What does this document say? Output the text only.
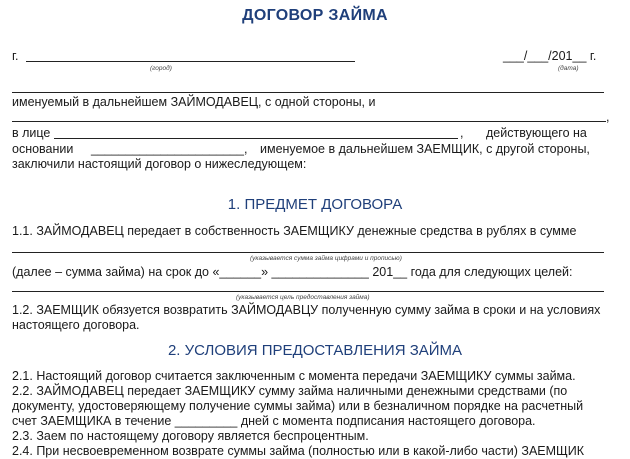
ДОГОВОР ЗАЙМА
г.
(город)
___/___/201__ г.
(дата)
именуемый в дальнейшем ЗАЙМОДАВЕЦ, с одной стороны, и
,
в лице	, действующего на
основании ______________________, именуемое в дальнейшем ЗАЕМЩИК, с другой стороны,
заключили настоящий договор о нижеследующем:
1. ПРЕДМЕТ ДОГОВОРА
1.1. ЗАЙМОДАВЕЦ передает в собственность ЗАЕМЩИКУ денежные средства в рублях в сумме
(указывается сумма займа цифрами и прописью)
(далее – сумма займа) на срок до «______» ______________ 201__ года для следующих целей:
(указывается цель предоставления займа)
1.2. ЗАЕМЩИК обязуется возвратить ЗАЙМОДАВЦУ полученную сумму займа в сроки и на условиях
настоящего договора.
2. УСЛОВИЯ ПРЕДОСТАВЛЕНИЯ ЗАЙМА
2.1. Настоящий договор считается заключенным с момента передачи ЗАЕМЩИКУ суммы займа.
2.2. ЗАЙМОДАВЕЦ передает ЗАЕМЩИКУ сумму займа наличными денежными средствами (по
документу, удостоверяющему получение суммы займа) или в безналичном порядке на расчетный
счет ЗАЕМЩИКА в течение _________ дней с момента подписания настоящего договора.
2.3. Заем по настоящему договору является беспроцентным.
2.4. При несвоевременном возврате суммы займа (полностью или в какой-либо части) ЗАЕМЩИК
